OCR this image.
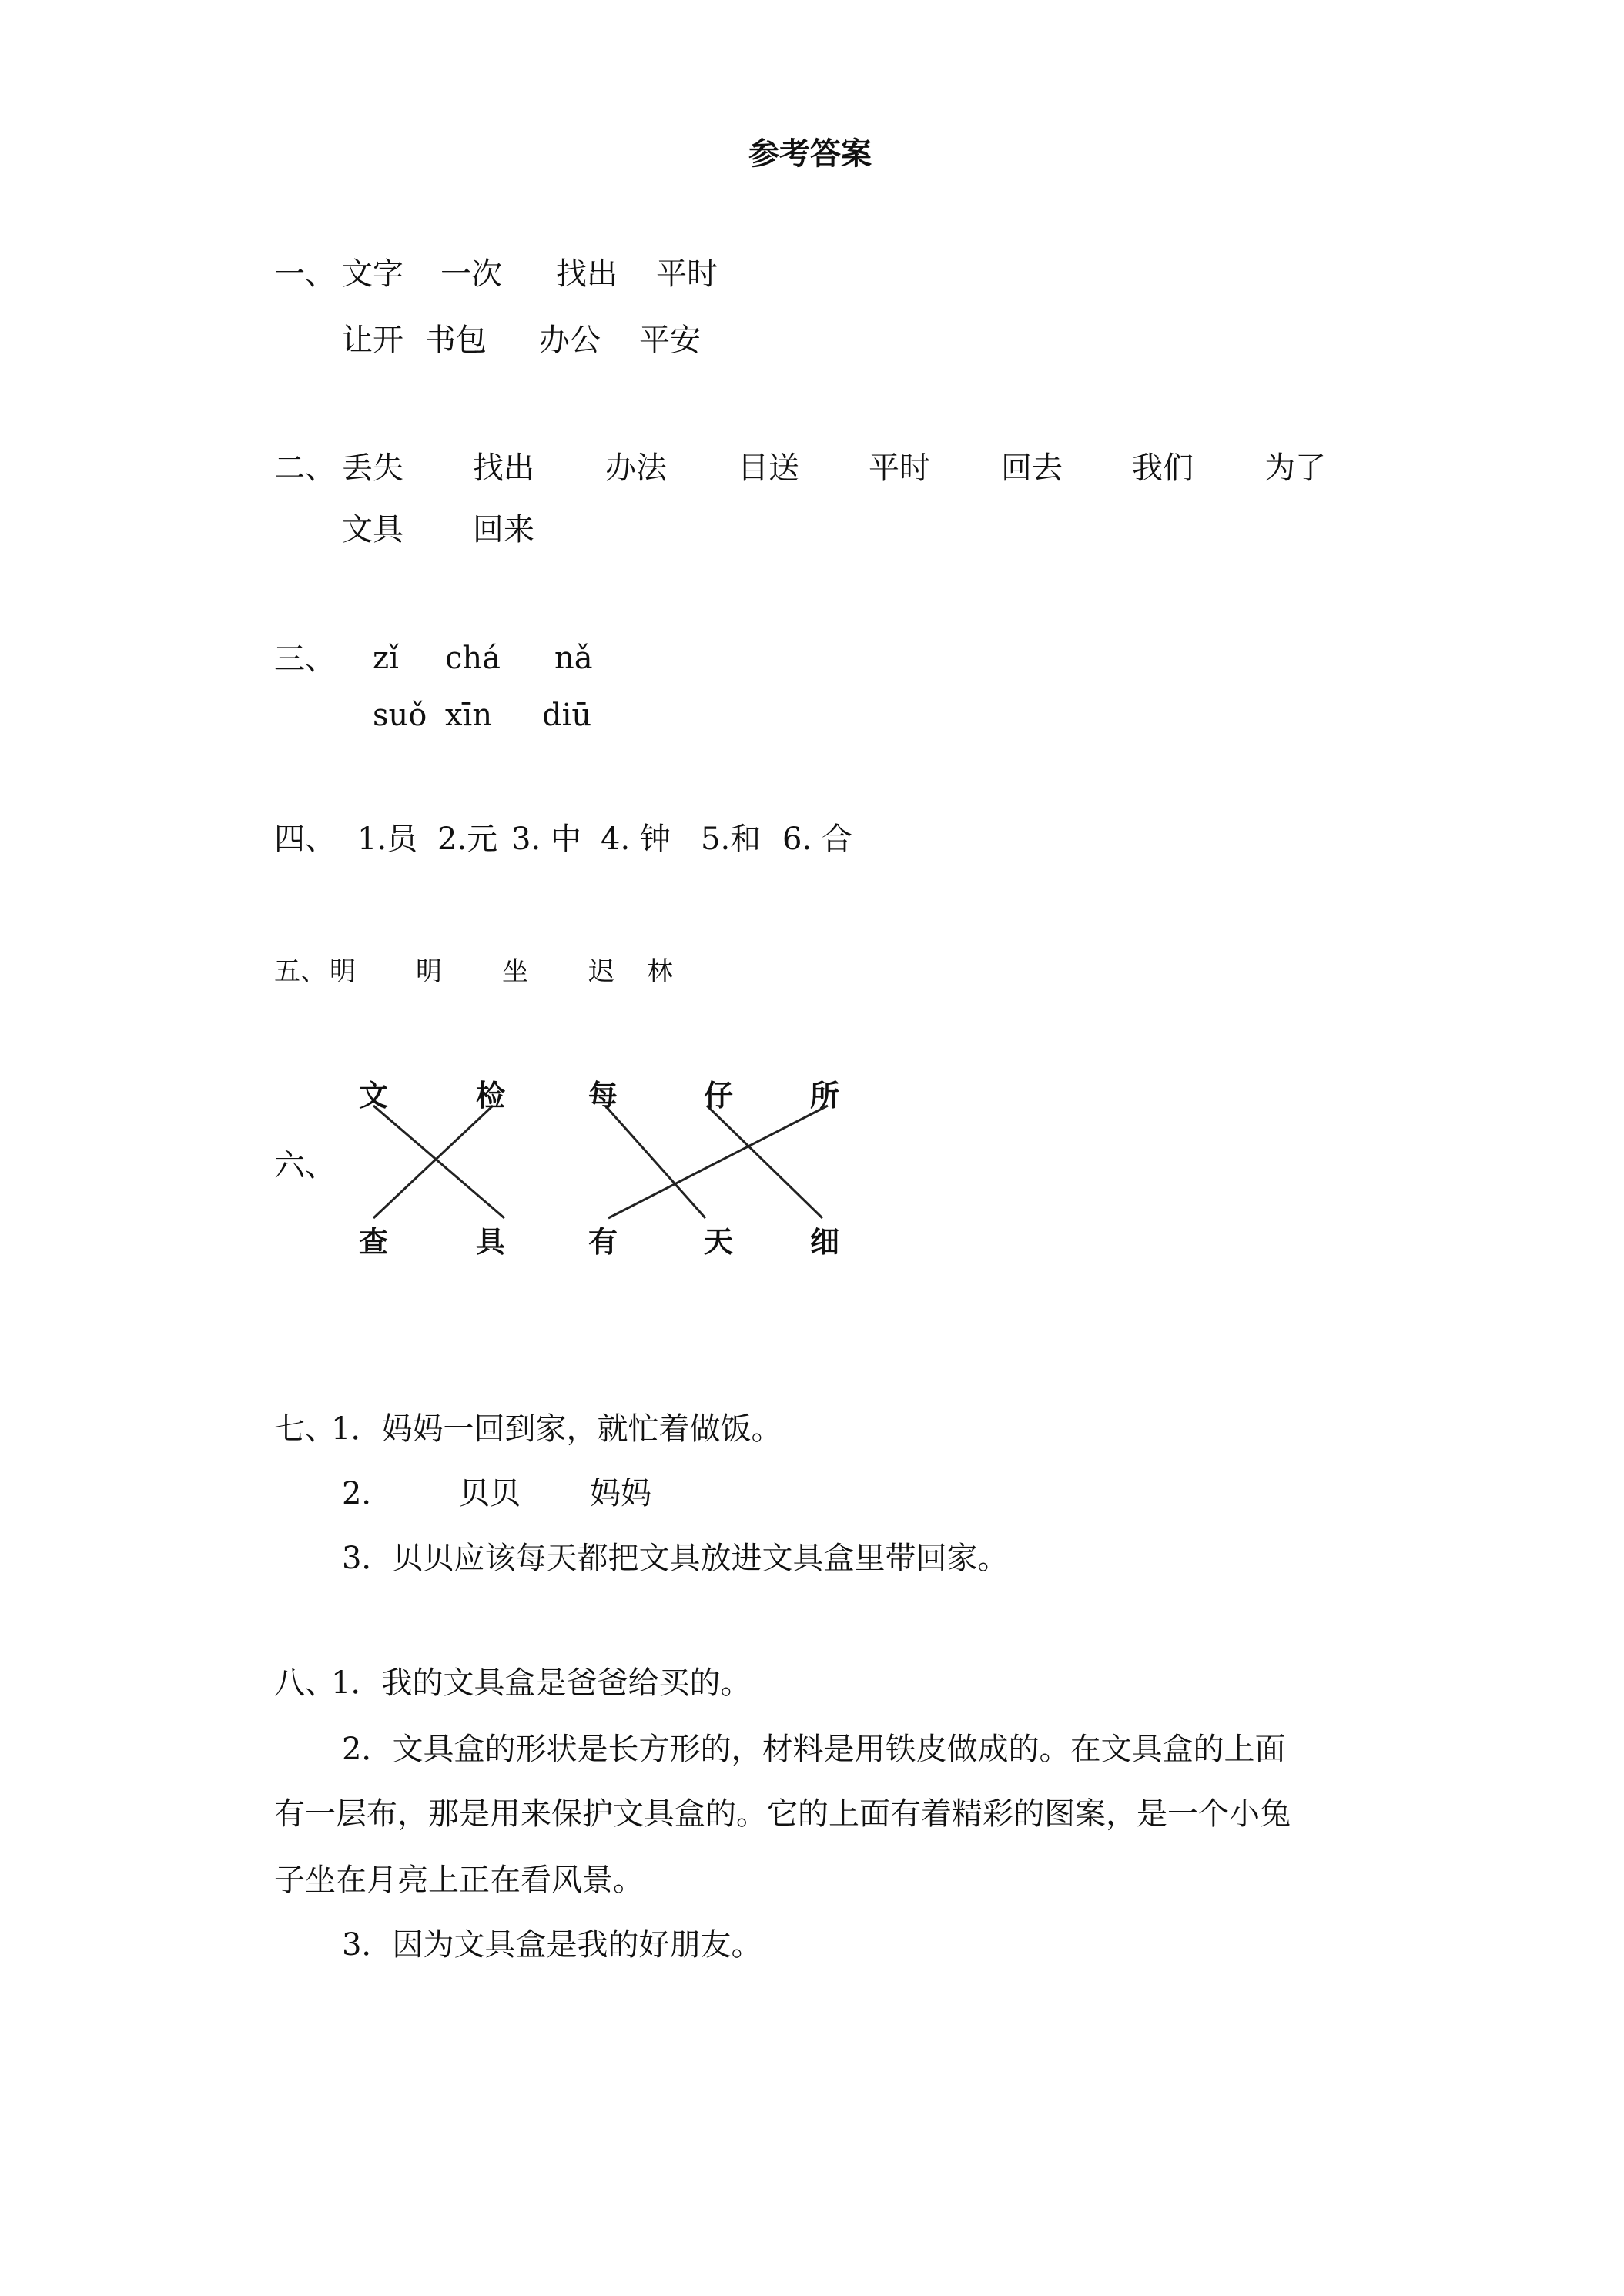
参考答案
一、 文字 一次 找出 平时
让开 书包 办公 平安
二、 丢失 找出 办法 目送 平时 回去 我们 为了
文具 回来
三、 zǐ chá nǎ
suǒ xīn diū
四、 1.员 2.元 3. 中 4. 钟 5.和 6. 合
五、 明 明 坐 迟 林
六、
文	检	每	仔	所
查	具	有	天	细
七、
1．妈妈一回到家，就忙着做饭。
2． 贝贝 妈妈
3．贝贝应该每天都把文具放进文具盒里带回家。
八、
1．我的文具盒是爸爸给买的。
2．文具盒的形状是长方形的，材料是用铁皮做成的。在文具盒的上面
有一层布，那是用来保护文具盒的。它的上面有着精彩的图案，是一个小兔
子坐在月亮上正在看风景。
3．因为文具盒是我的好朋友。
